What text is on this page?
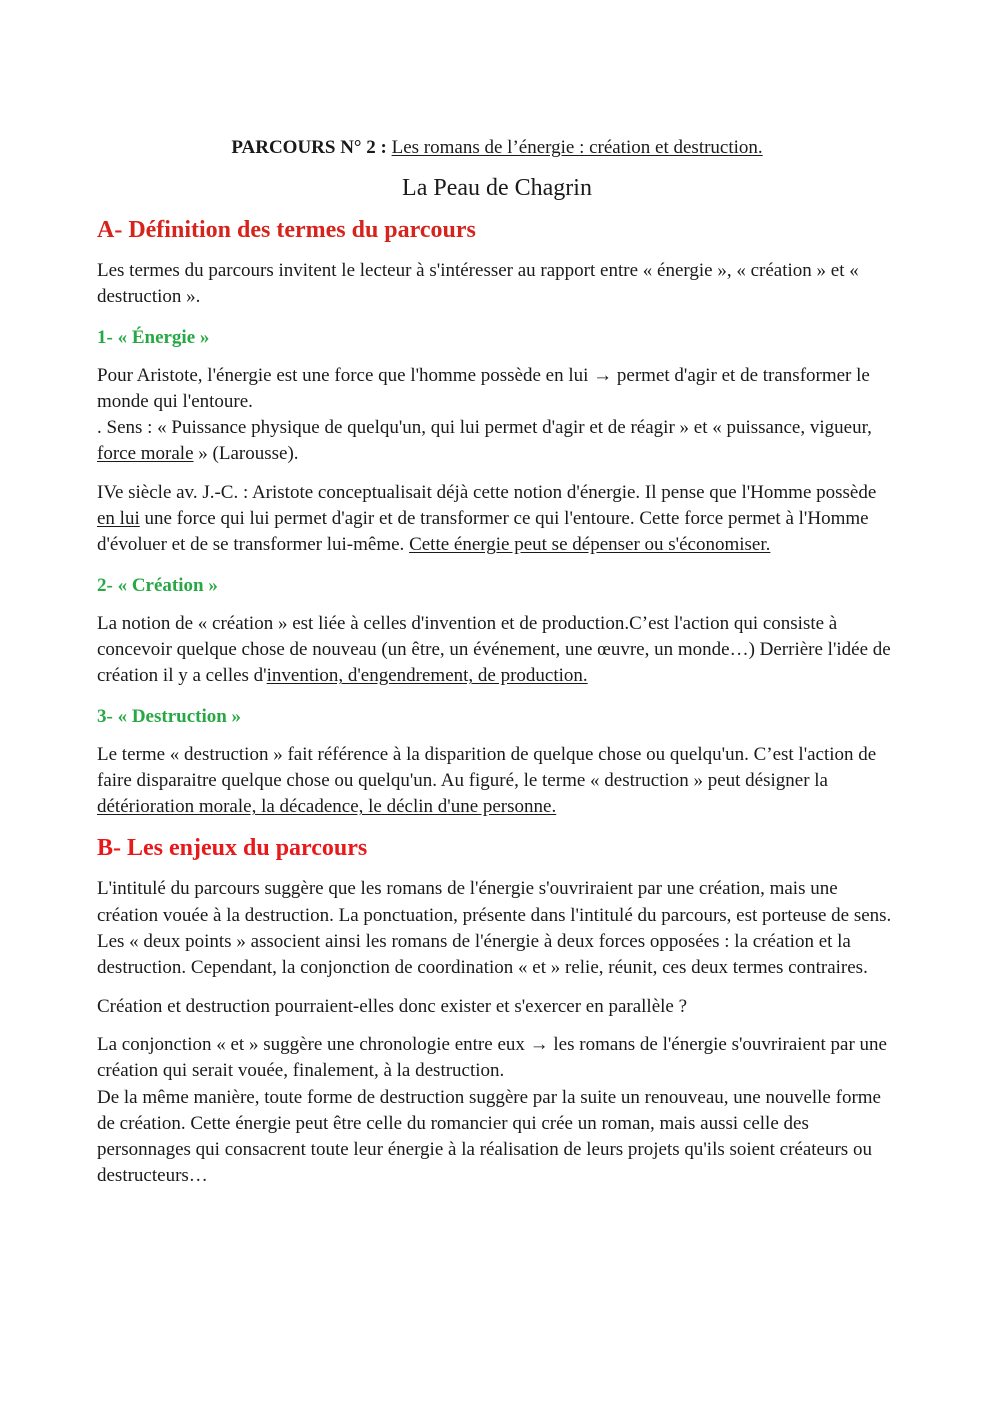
PARCOURS N° 2 : Les romans de l’énergie : création et destruction.

La Peau de Chagrin

A- Définition des termes du parcours

Les termes du parcours invitent le lecteur à s'intéresser au rapport entre « énergie », « création » et « destruction ».

1- « Énergie »

Pour Aristote, l'énergie est une force que l'homme possède en lui → permet d'agir et de transformer le monde qui l'entoure.
. Sens : « Puissance physique de quelqu'un, qui lui permet d'agir et de réagir » et « puissance, vigueur, force morale » (Larousse).

IVe siècle av. J.-C. : Aristote conceptualisait déjà cette notion d'énergie. Il pense que l'Homme possède en lui une force qui lui permet d'agir et de transformer ce qui l'entoure. Cette force permet à l'Homme d'évoluer et de se transformer lui-même. Cette énergie peut se dépenser ou s'économiser.

2- « Création »

La notion de « création » est liée à celles d'invention et de production.C’est l'action qui consiste à concevoir quelque chose de nouveau (un être, un événement, une œuvre, un monde…) Derrière l'idée de création il y a celles d'invention, d'engendrement, de production.

3- « Destruction »

Le terme « destruction » fait référence à la disparition de quelque chose ou quelqu'un. C’est l'action de faire disparaitre quelque chose ou quelqu'un. Au figuré, le terme « destruction » peut désigner la détérioration morale, la décadence, le déclin d'une personne.

B- Les enjeux du parcours

L'intitulé du parcours suggère que les romans de l'énergie s'ouvriraient par une création, mais une création vouée à la destruction. La ponctuation, présente dans l'intitulé du parcours, est porteuse de sens. Les « deux points » associent ainsi les romans de l'énergie à deux forces opposées : la création et la destruction. Cependant, la conjonction de coordination « et » relie, réunit, ces deux termes contraires.

Création et destruction pourraient-elles donc exister et s'exercer en parallèle ?

La conjonction « et » suggère une chronologie entre eux → les romans de l'énergie s'ouvriraient par une création qui serait vouée, finalement, à la destruction.
De la même manière, toute forme de destruction suggère par la suite un renouveau, une nouvelle forme de création. Cette énergie peut être celle du romancier qui crée un roman, mais aussi celle des personnages qui consacrent toute leur énergie à la réalisation de leurs projets qu'ils soient créateurs ou destructeurs…
